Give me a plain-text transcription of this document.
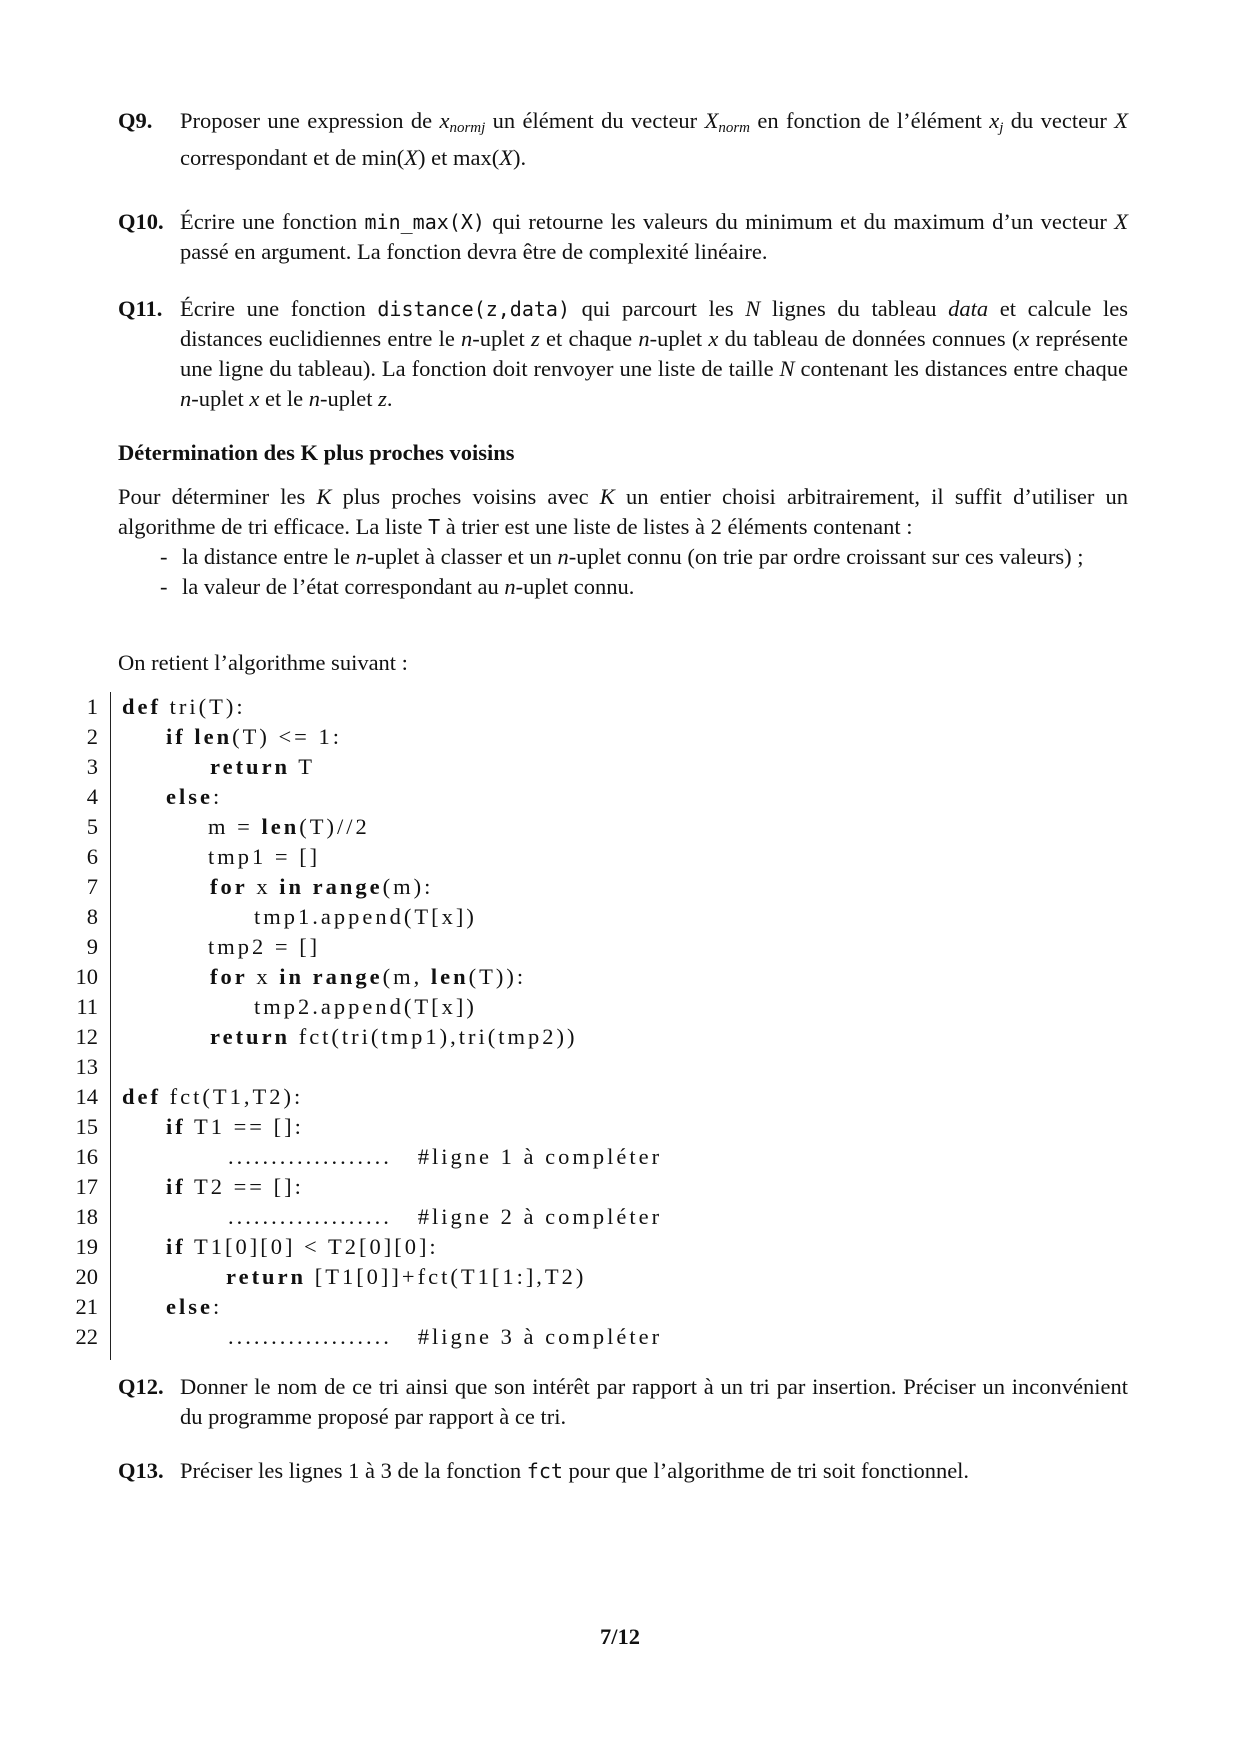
Q9. Proposer une expression de $x_{normj}$ un élément du vecteur $X_{norm}$ en fonction de l’élément $x_j$ du vecteur X correspondant et de min(X) et max(X).
Q10. Écrire une fonction min_max(X) qui retourne les valeurs du minimum et du maximum d’un vecteur X passé en argument. La fonction devra être de complexité linéaire.
Q11. Écrire une fonction distance(z,data) qui parcourt les N lignes du tableau data et calcule les distances euclidiennes entre le n-uplet z et chaque n-uplet x du tableau de données connues (x représente une ligne du tableau). La fonction doit renvoyer une liste de taille N contenant les distances entre chaque n-uplet x et le n-uplet z.
Détermination des K plus proches voisins
Pour déterminer les K plus proches voisins avec K un entier choisi arbitrairement, il suffit d’utiliser un algorithme de tri efficace. La liste T à trier est une liste de listes à 2 éléments contenant :
- la distance entre le n-uplet à classer et un n-uplet connu (on trie par ordre croissant sur ces valeurs) ;
- la valeur de l’état correspondant au n-uplet connu.
On retient l’algorithme suivant :
1 def tri(T):
2	if len(T) <= 1:
3	return T
4	else:
5	m = len(T)//2
6	tmp1 = []
7	for x in range(m):
8	tmp1.append(T[x])
9	tmp2 = []
10	for x in range(m, len(T)):
11	tmp2.append(T[x])
12	return fct(tri(tmp1),tri(tmp2))
13
14 def fct(T1,T2):
15	if T1 == []:
16	...................   #ligne 1 à compléter
17	if T2 == []:
18	...................   #ligne 2 à compléter
19	if T1[0][0] < T2[0][0]:
20	return [T1[0]]+fct(T1[1:],T2)
21	else:
22	...................   #ligne 3 à compléter
Q12. Donner le nom de ce tri ainsi que son intérêt par rapport à un tri par insertion. Préciser un inconvénient du programme proposé par rapport à ce tri.
Q13. Préciser les lignes 1 à 3 de la fonction fct pour que l’algorithme de tri soit fonctionnel.
7/12
